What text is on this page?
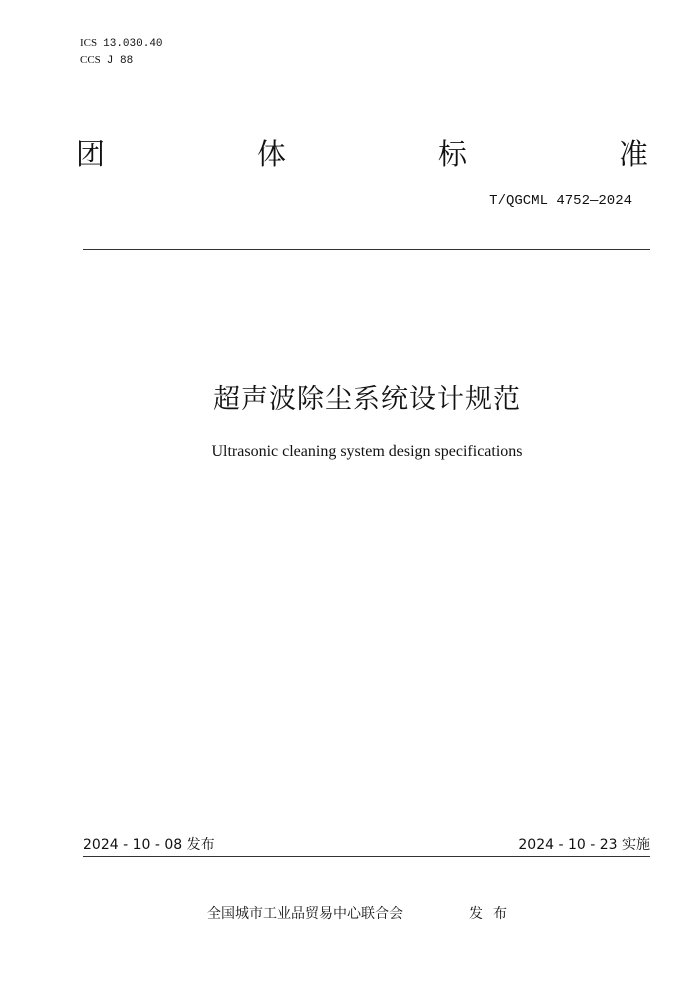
ICS 13.030.40
CCS J 88
团	体	标	准
T/QGCML 4752—2024
超声波除尘系统设计规范
Ultrasonic cleaning system design specifications
2024 - 10 - 08 发布	2024 - 10 - 23 实施
全国城市工业品贸易中心联合会	发布
